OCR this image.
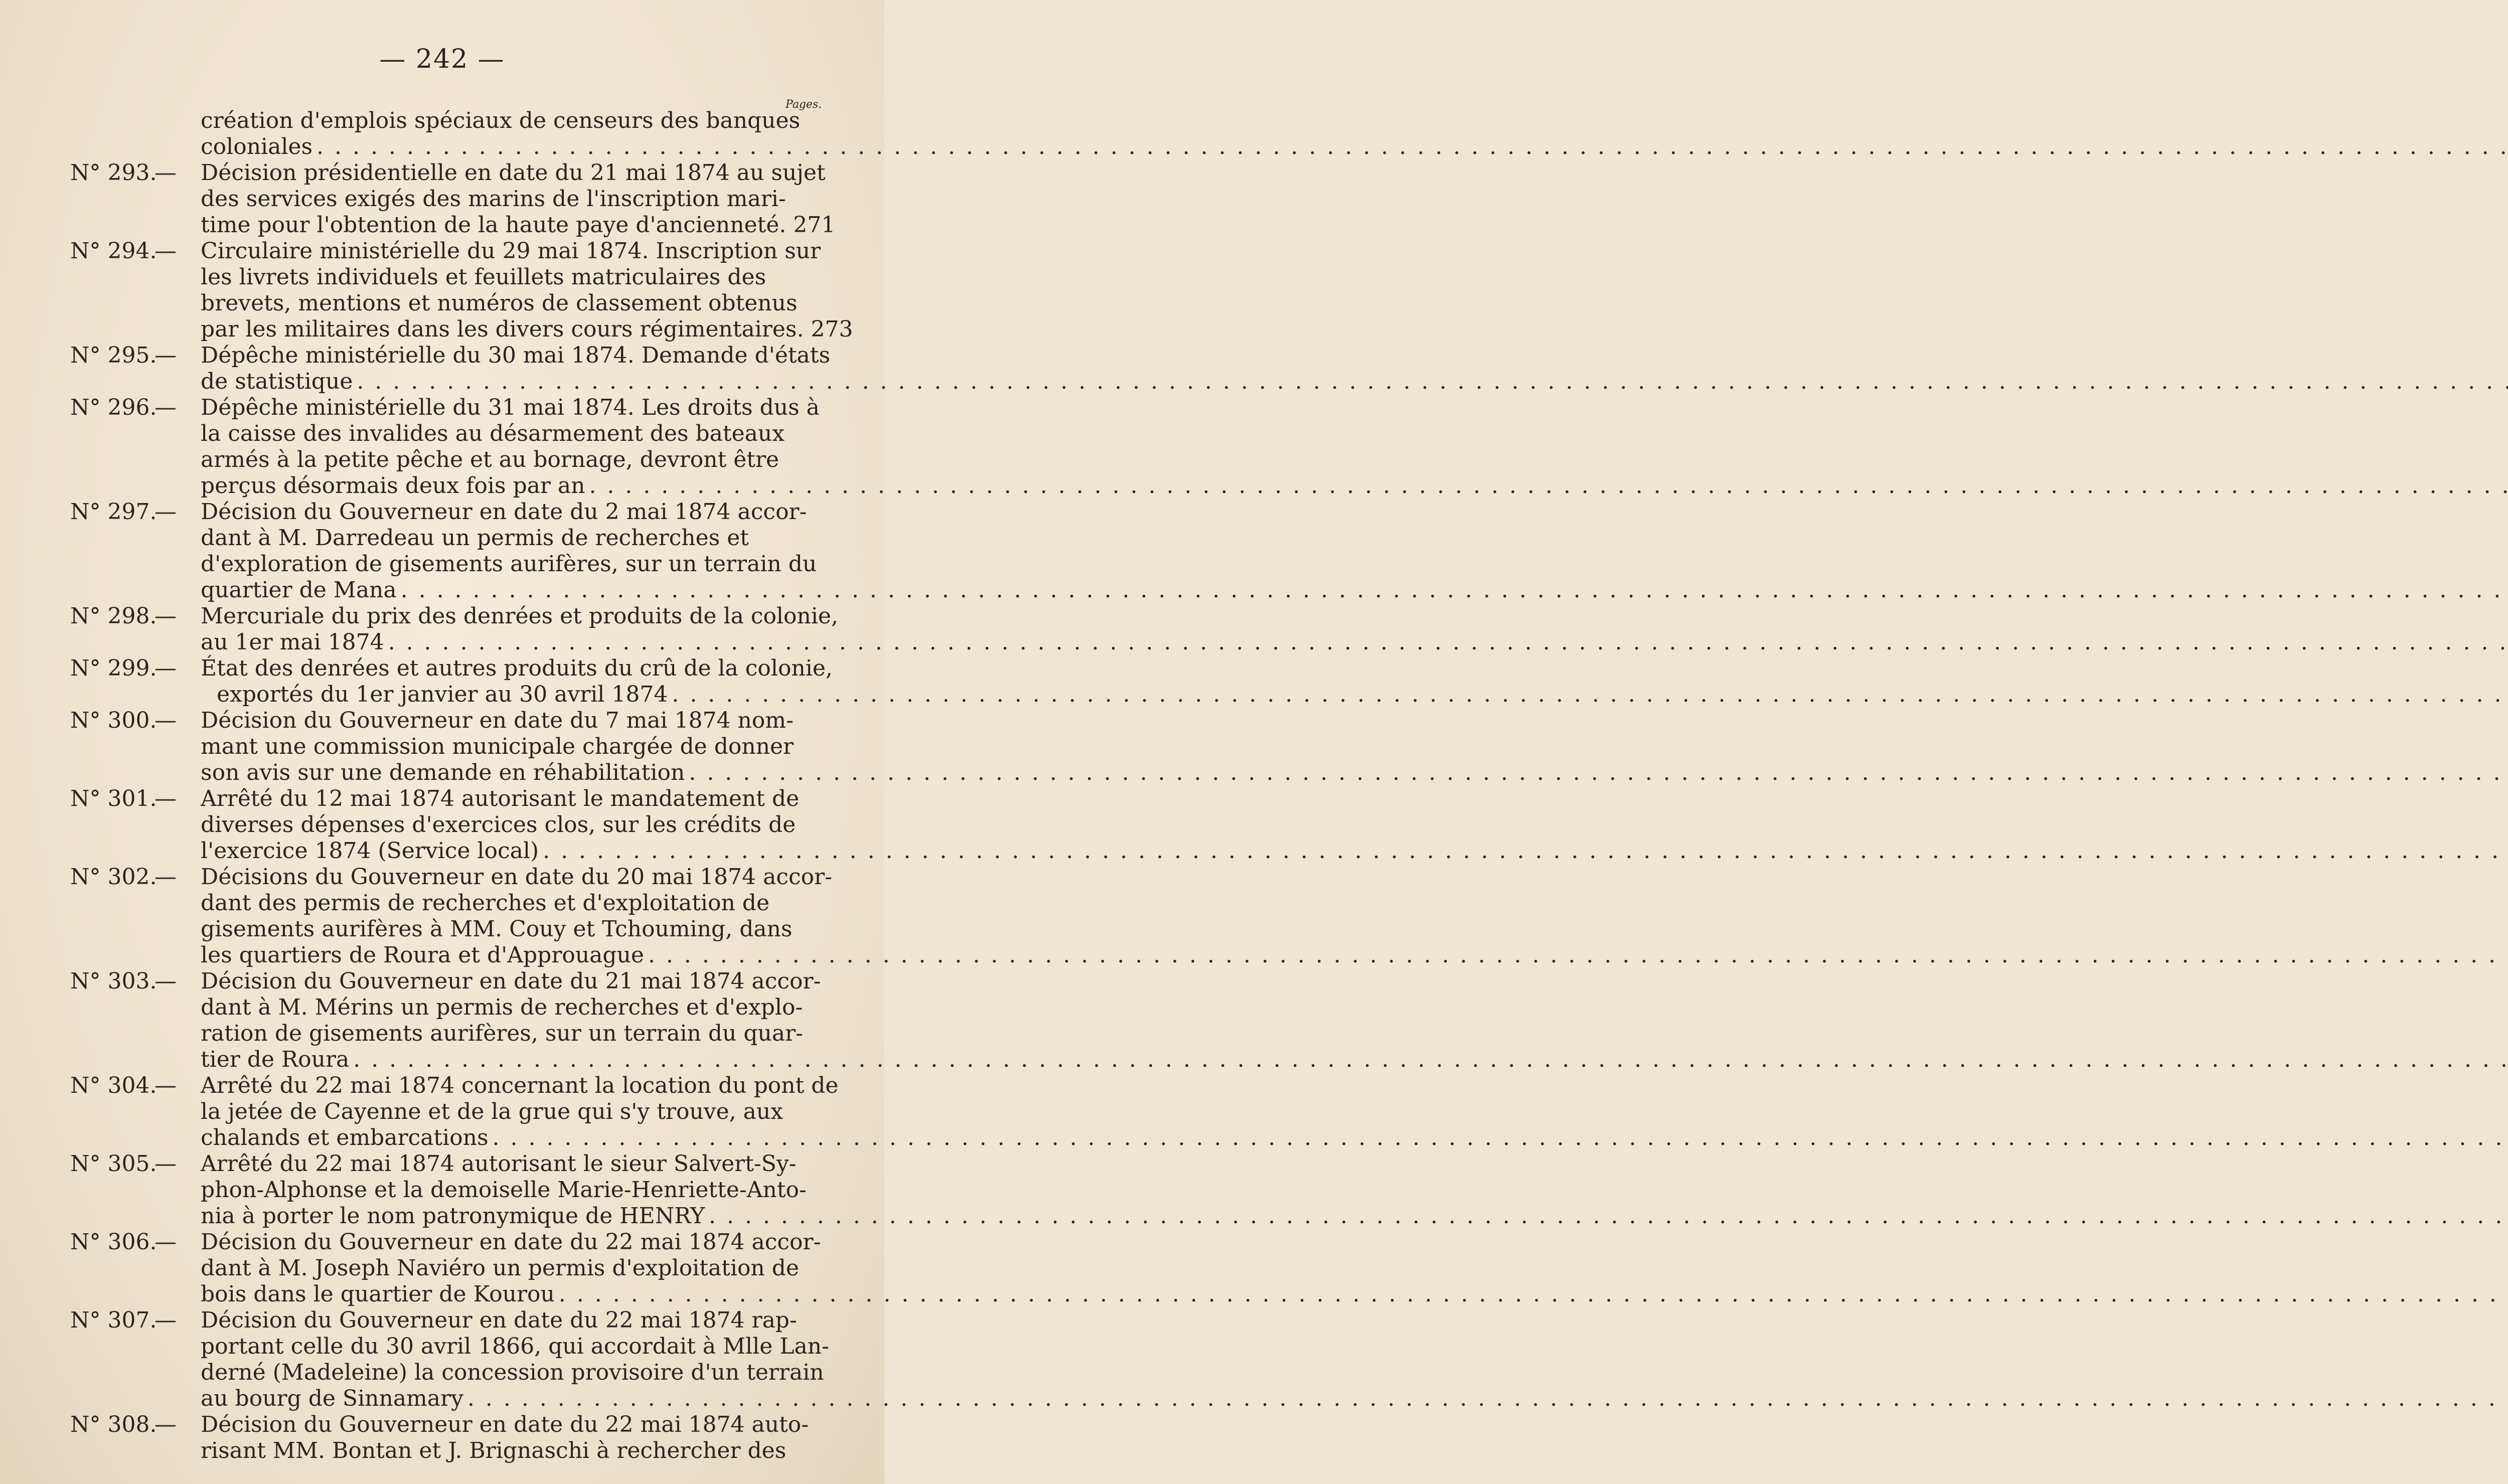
— 242 —
Pages.
création d'emplois spéciaux de censeurs des banques
coloniales
. . .
N° 293.
— Décision présidentielle en date du 21 mai 1874 au sujet
des services exigés des marins de l'inscription mari-
time pour l'obtention de la haute paye d'ancienneté. 271
N° 294.
— Circulaire ministérielle du 29 mai 1874. Inscription sur
les livrets individuels et feuillets matriculaires des
brevets, mentions et numéros de classement obtenus
par les militaires dans les divers cours régimentaires. 273
N° 295.
— Dépêche ministérielle du 30 mai 1874. Demande d'états
de statistique
. . .
N° 296.
— Dépêche ministérielle du 31 mai 1874. Les droits dus à
la caisse des invalides au désarmement des bateaux
armés à la petite pêche et au bornage, devront être
perçus désormais deux fois par an
. . .
N° 297.
— Décision du Gouverneur en date du 2 mai 1874 accor-
dant à M. Darredeau un permis de recherches et
d'exploration de gisements aurifères, sur un terrain du
quartier de Mana
. . .
N° 298.
— Mercuriale du prix des denrées et produits de la colonie,
au 1er mai 1874
. . .
N° 299.
— État des denrées et autres produits du crû de la colonie,
exportés du 1er janvier au 30 avril 1874
. . .
N° 300.
— Décision du Gouverneur en date du 7 mai 1874 nom-
mant une commission municipale chargée de donner
son avis sur une demande en réhabilitation
. . .
N° 301.
— Arrêté du 12 mai 1874 autorisant le mandatement de
diverses dépenses d'exercices clos, sur les crédits de
l'exercice 1874 (Service local)
. . .
N° 302.
— Décisions du Gouverneur en date du 20 mai 1874 accor-
dant des permis de recherches et d'exploitation de
gisements aurifères à MM. Couy et Tchouming, dans
les quartiers de Roura et d'Approuague
. . .
N° 303.
— Décision du Gouverneur en date du 21 mai 1874 accor-
dant à M. Mérins un permis de recherches et d'explo-
ration de gisements aurifères, sur un terrain du quar-
tier de Roura
. . .
N° 304.
— Arrêté du 22 mai 1874 concernant la location du pont de
la jetée de Cayenne et de la grue qui s'y trouve, aux
chalands et embarcations
. . .
N° 305.
— Arrêté du 22 mai 1874 autorisant le sieur Salvert-Sy-
phon-Alphonse et la demoiselle Marie-Henriette-Anto-
nia à porter le nom patronymique de HENRY
. . .
N° 306.
— Décision du Gouverneur en date du 22 mai 1874 accor-
dant à M. Joseph Naviéro un permis d'exploitation de
bois dans le quartier de Kourou
. . .
N° 307.
— Décision du Gouverneur en date du 22 mai 1874 rap-
portant celle du 30 avril 1866, qui accordait à Mlle Lan-
derné (Madeleine) la concession provisoire d'un terrain
au bourg de Sinnamary
. . .
N° 308.
— Décision du Gouverneur en date du 22 mai 1874 auto-
risant MM. Bontan et J. Brignaschi à rechercher des
